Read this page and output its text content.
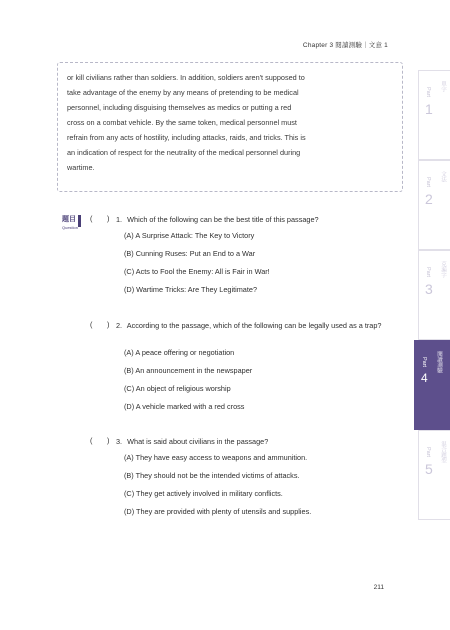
Chapter 3 閱讀測驗｜文意 1

or kill civilians rather than soldiers. In addition, soldiers aren't supposed to

take advantage of the enemy by any means of pretending to be medical

personnel, including disguising themselves as medics or putting a red

cross on a combat vehicle. By the same token, medical personnel must

refrain from any acts of hostility, including attacks, raids, and tricks. This is

an indication of respect for the neutrality of the medical personnel during

wartime.

題目
Question
( ) 1. Which of the following can be the best title of this passage?
(A) A Surprise Attack: The Key to Victory
(B) Cunning Ruses: Put an End to a War
(C) Acts to Fool the Enemy: All is Fair in War!
(D) Wartime Tricks: Are They Legitimate?
( ) 2. According to the passage, which of the following can be legally used as a trap?
(A) A peace offering or negotiation
(B) An announcement in the newspaper
(C) An object of religious worship
(D) A vehicle marked with a red cross
( ) 3. What is said about civilians in the passage?
(A) They have easy access to weapons and ammunition.
(B) They should not be the intended victims of attacks.
(C) They get actively involved in military conflicts.
(D) They are provided with plenty of utensils and supplies.
Part
1
單字
Part
2
文法
Part
3
克漏字
Part
4
閱讀測驗
Part
5
混合題型
211
